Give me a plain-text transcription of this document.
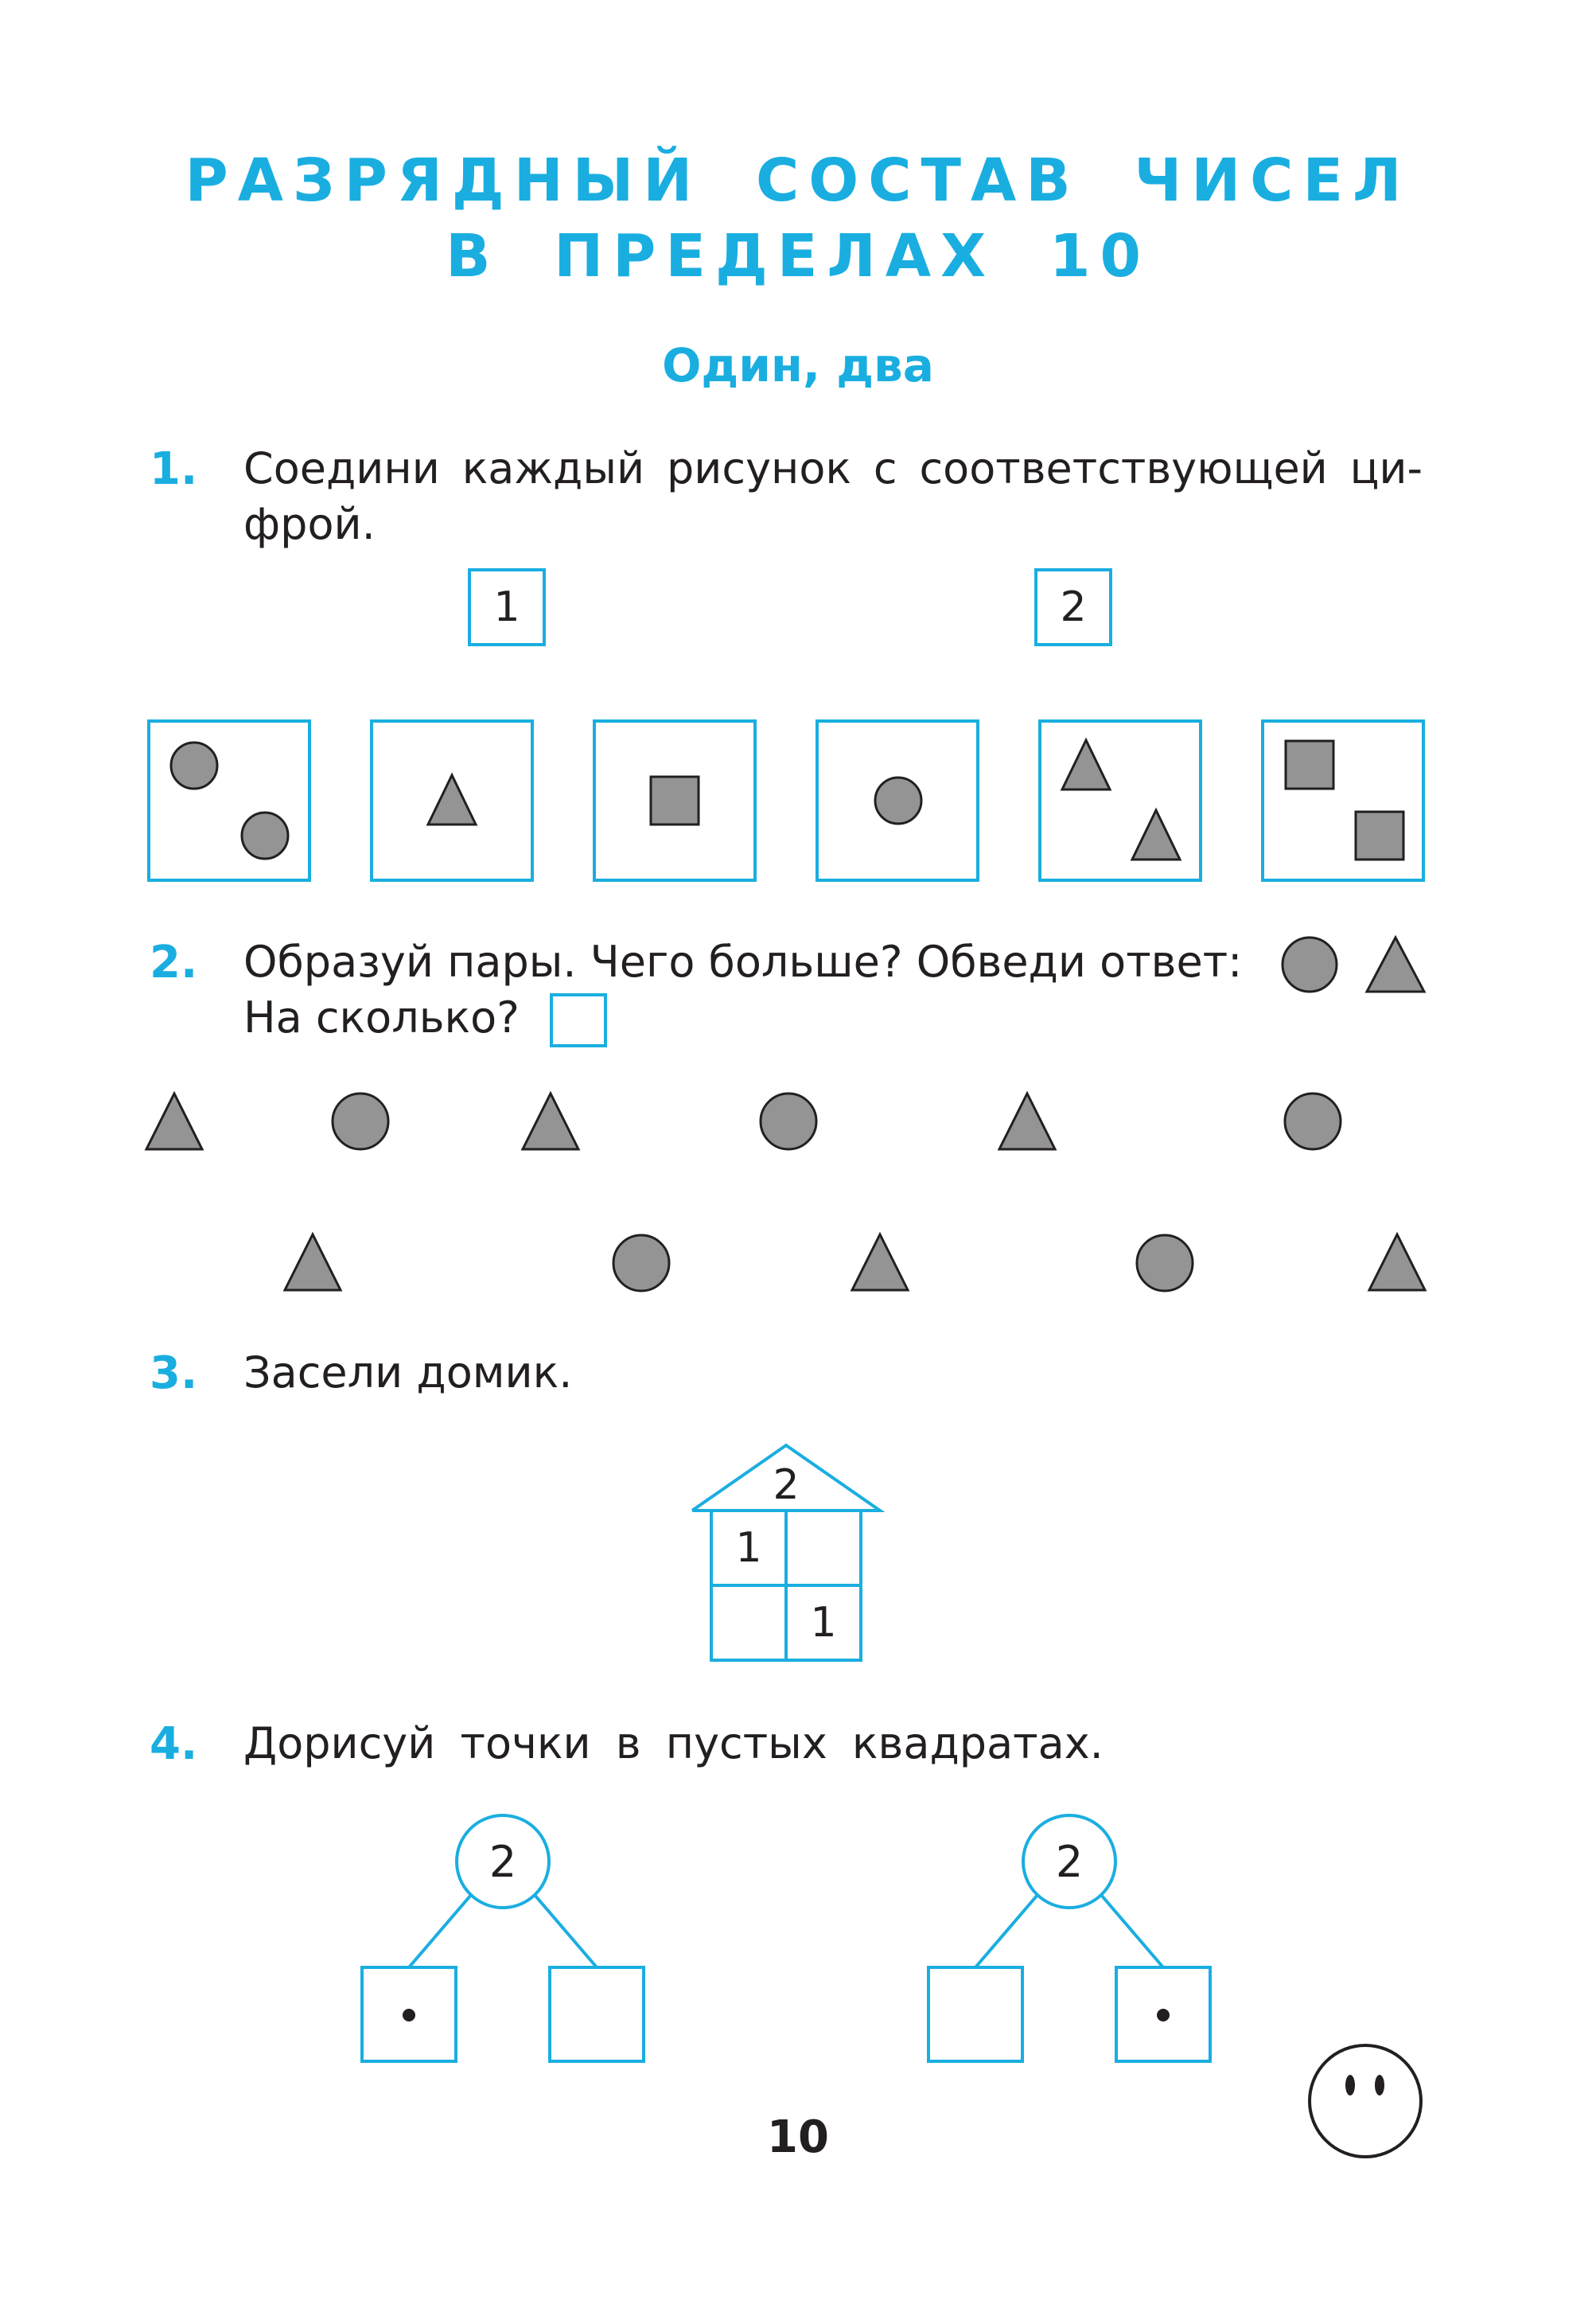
РАЗРЯДНЫЙ СОСТАВ ЧИСЕЛ
В ПРЕДЕЛАХ 10
Один, два
1. Соедини каждый рисунок с соответствующей ци-
фрой.
2. Образуй пары. Чего больше? Обведи ответ:
На сколько?
3. Засели домик.
4. Дорисуй точки в пустых квадратах.
2
1
1
1	2
2	2
10
